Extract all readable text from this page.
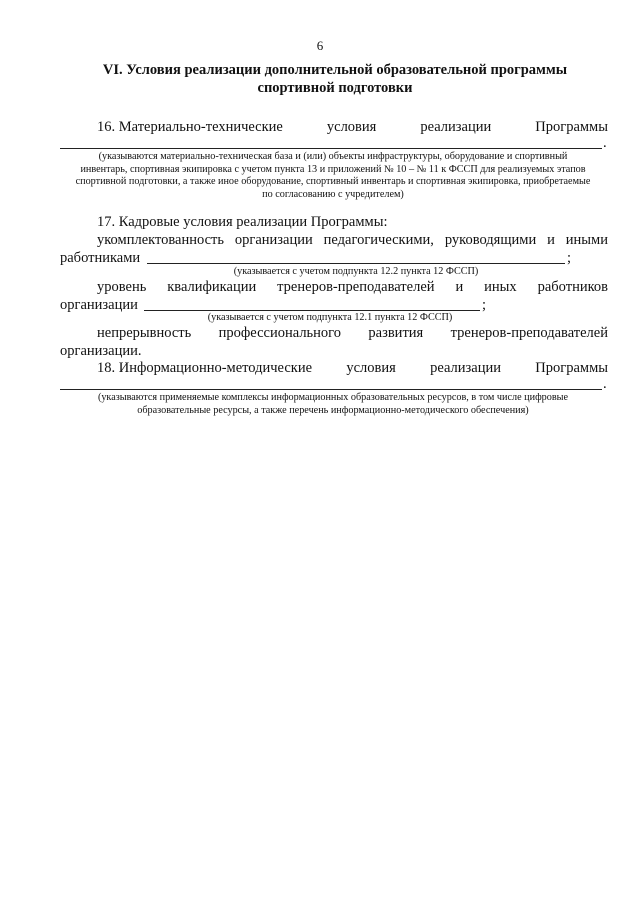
6
VI. Условия реализации дополнительной образовательной программы
спортивной подготовки
16. Материально-технические	условия	реализации	Программы
.
(указываются материально-техническая база и (или) объекты инфраструктуры, оборудование и спортивный
инвентарь, спортивная экипировка с учетом пункта 13 и приложений № 10 – № 11 к ФССП для реализуемых этапов
спортивной подготовки, а также иное оборудование, спортивный инвентарь и спортивная экипировка, приобретаемые
по согласованию с учредителем)
17. Кадровые условия реализации Программы:
укомплектованность организации педагогическими, руководящими и иными
работниками	;
(указывается с учетом подпункта 12.2 пункта 12 ФССП)
уровень квалификации тренеров-преподавателей и иных работников
организации	;
(указывается с учетом подпункта 12.1 пункта 12 ФССП)
непрерывность профессионального развития тренеров-преподавателей
организации.
18. Информационно-методические условия реализации Программы
.
(указываются применяемые комплексы информационных образовательных ресурсов, в том числе цифровые
образовательные ресурсы, а также перечень информационно-методического обеспечения)
